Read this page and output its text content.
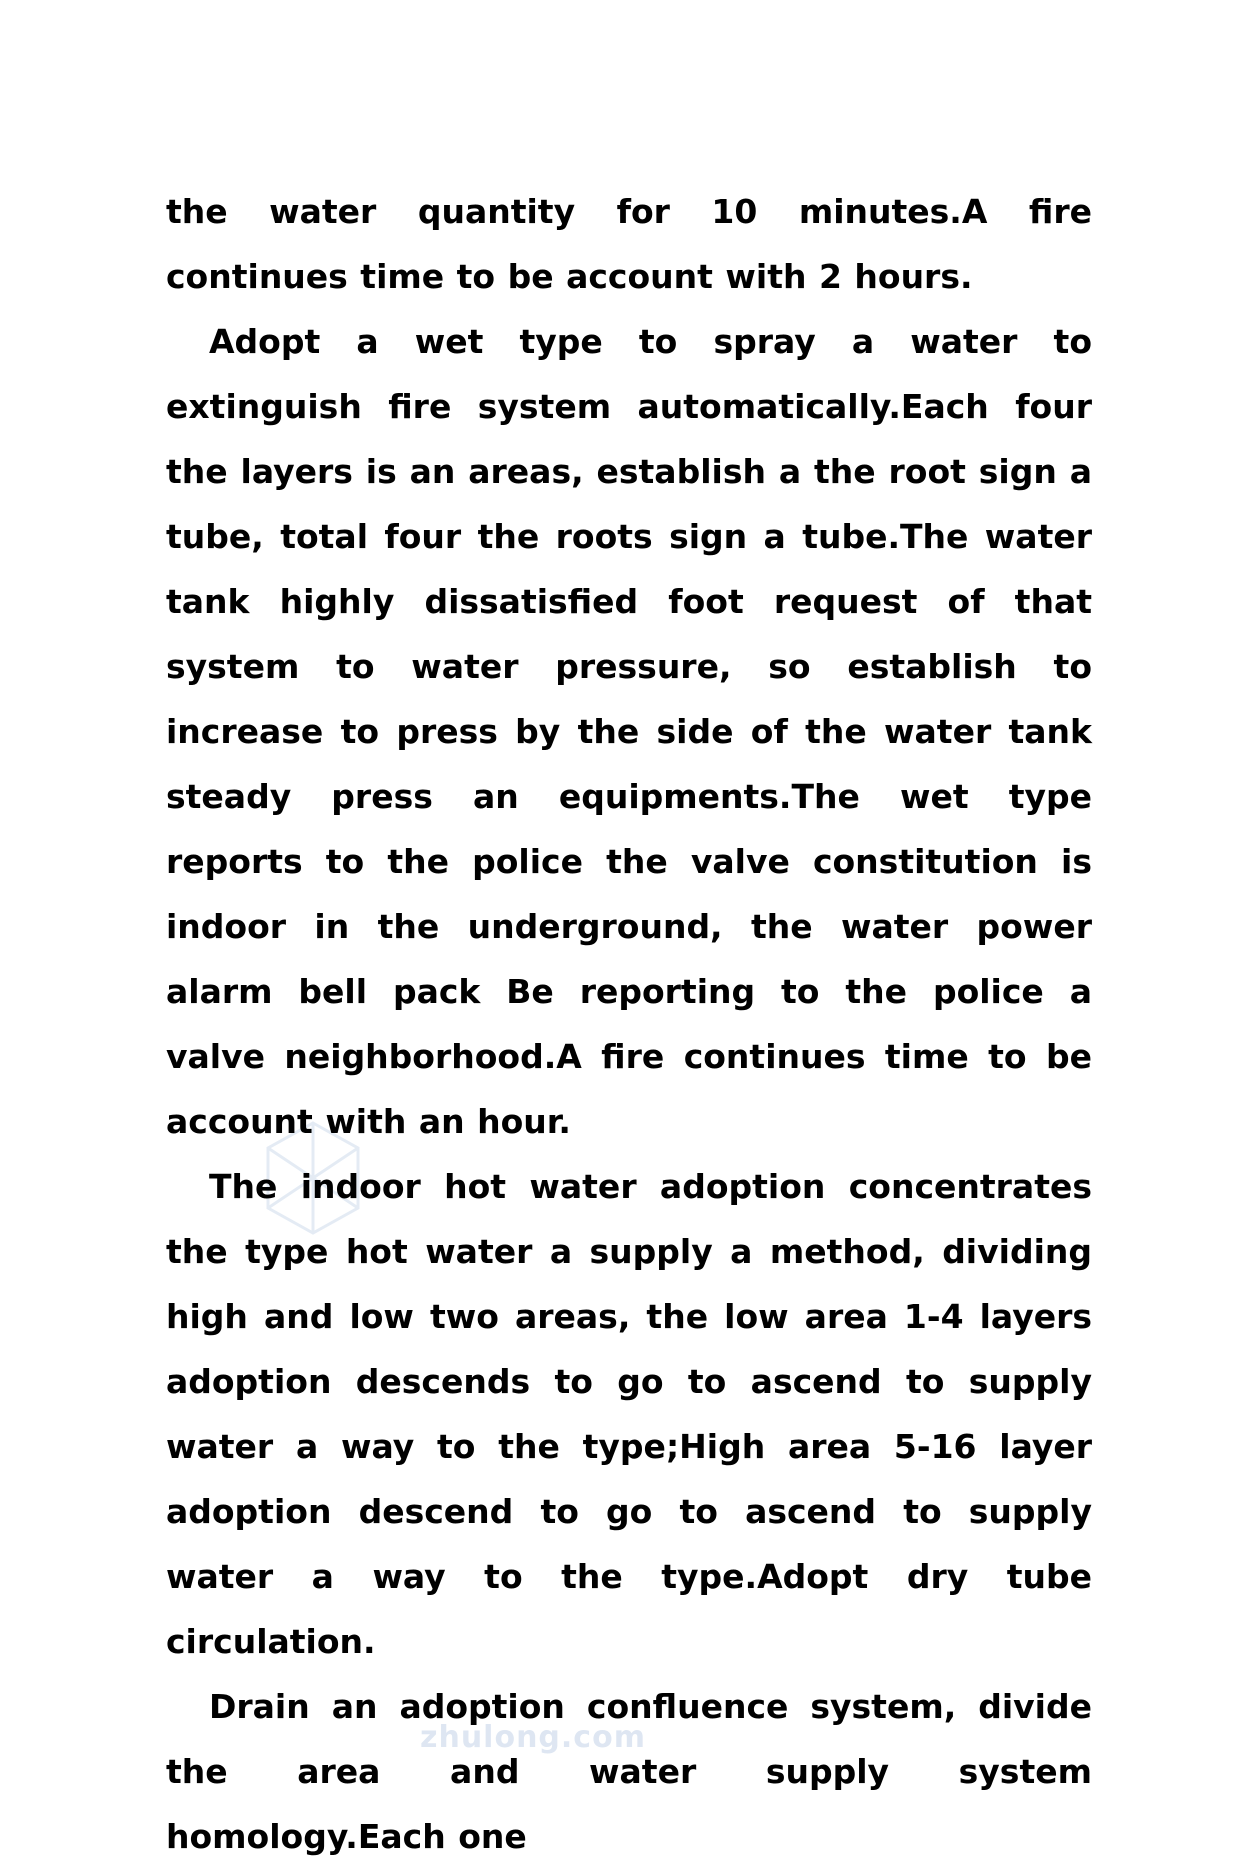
the water quantity for 10 minutes.A fire continues time to be account with 2 hours.

Adopt a wet type to spray a water to extinguish fire system automatically.Each four the layers is an areas, establish a the root sign a tube, total four the roots sign a tube.The water tank highly dissatisfied foot request of that system to water pressure, so establish to increase to press by the side of the water tank steady press an equipments.The wet type reports to the police the valve constitution is indoor in the underground, the water power alarm bell pack Be reporting to the police a valve neighborhood.A fire continues time to be account with an hour.

The indoor hot water adoption concentrates the type hot water a supply a method, dividing high and low two areas, the low area 1-4 layers adoption descends to go to ascend to supply water a way to the type;High area 5-16 layer adoption descend to go to ascend to supply water a way to the type.Adopt dry tube circulation.

Drain an adoption confluence system, divide the area and water supply system homology.Each one

zhulong.com
